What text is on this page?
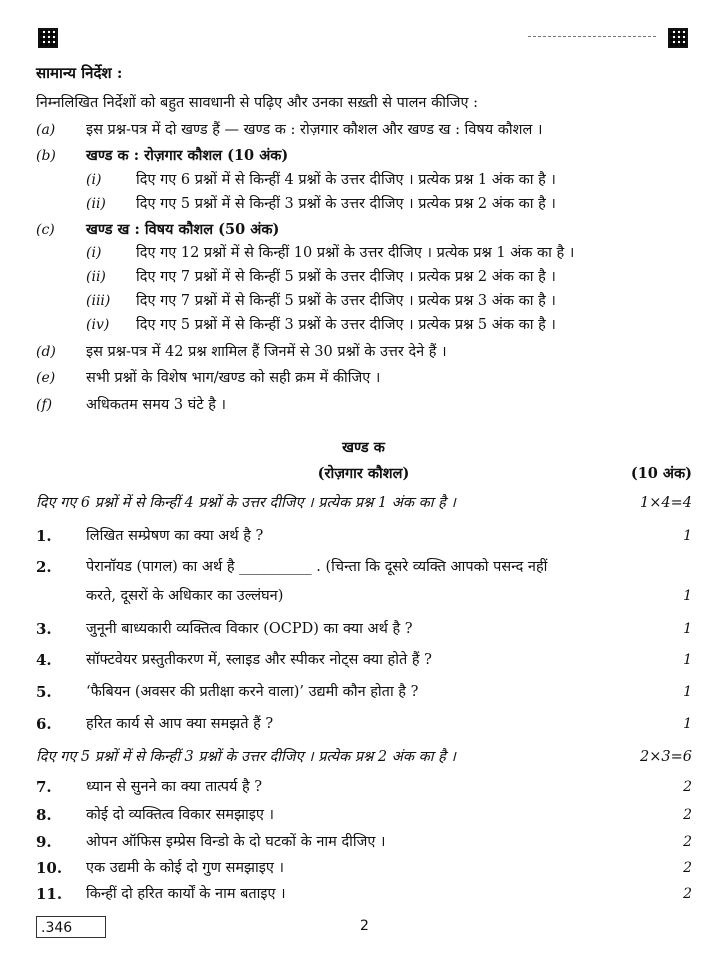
सामान्य निर्देश :
निम्नलिखित निर्देशों को बहुत सावधानी से पढ़िए और उनका सख़्ती से पालन कीजिए :
(a) इस प्रश्न-पत्र में दो खण्ड हैं — खण्ड क : रोज़गार कौशल और खण्ड ख : विषय कौशल ।
(b) खण्ड क : रोज़गार कौशल (10 अंक)
(i) दिए गए 6 प्रश्नों में से किन्हीं 4 प्रश्नों के उत्तर दीजिए । प्रत्येक प्रश्न 1 अंक का है ।
(ii) दिए गए 5 प्रश्नों में से किन्हीं 3 प्रश्नों के उत्तर दीजिए । प्रत्येक प्रश्न 2 अंक का है ।
(c) खण्ड ख : विषय कौशल (50 अंक)
(i) दिए गए 12 प्रश्नों में से किन्हीं 10 प्रश्नों के उत्तर दीजिए । प्रत्येक प्रश्न 1 अंक का है ।
(ii) दिए गए 7 प्रश्नों में से किन्हीं 5 प्रश्नों के उत्तर दीजिए । प्रत्येक प्रश्न 2 अंक का है ।
(iii) दिए गए 7 प्रश्नों में से किन्हीं 5 प्रश्नों के उत्तर दीजिए । प्रत्येक प्रश्न 3 अंक का है ।
(iv) दिए गए 5 प्रश्नों में से किन्हीं 3 प्रश्नों के उत्तर दीजिए । प्रत्येक प्रश्न 5 अंक का है ।
(d) इस प्रश्न-पत्र में 42 प्रश्न शामिल हैं जिनमें से 30 प्रश्नों के उत्तर देने हैं ।
(e) सभी प्रश्नों के विशेष भाग/खण्ड को सही क्रम में कीजिए ।
(f) अधिकतम समय 3 घंटे है ।
खण्ड क
(रोज़गार कौशल)	(10 अंक)
दिए गए 6 प्रश्नों में से किन्हीं 4 प्रश्नों के उत्तर दीजिए । प्रत्येक प्रश्न 1 अंक का है ।	1×4=4
1. लिखित सम्प्रेषण का क्या अर्थ है ?	1
2. पेरानॉयड (पागल) का अर्थ है __________ . (चिन्ता कि दूसरे व्यक्ति आपको पसन्द नहीं
करते, दूसरों के अधिकार का उल्लंघन)	1
3. जुनूनी बाध्यकारी व्यक्तित्व विकार (OCPD) का क्या अर्थ है ?	1
4. सॉफ्टवेयर प्रस्तुतीकरण में, स्लाइड और स्पीकर नोट्स क्या होते हैं ?	1
5. ‘फैबियन (अवसर की प्रतीक्षा करने वाला)’ उद्यमी कौन होता है ?	1
6. हरित कार्य से आप क्या समझते हैं ?	1
दिए गए 5 प्रश्नों में से किन्हीं 3 प्रश्नों के उत्तर दीजिए । प्रत्येक प्रश्न 2 अंक का है ।	2×3=6
7. ध्यान से सुनने का क्या तात्पर्य है ?	2
8. कोई दो व्यक्तित्व विकार समझाइए ।	2
9. ओपन ऑफिस इम्प्रेस विन्डो के दो घटकों के नाम दीजिए ।	2
10. एक उद्यमी के कोई दो गुण समझाइए ।	2
11. किन्हीं दो हरित कार्यों के नाम बताइए ।	2
.346	2
